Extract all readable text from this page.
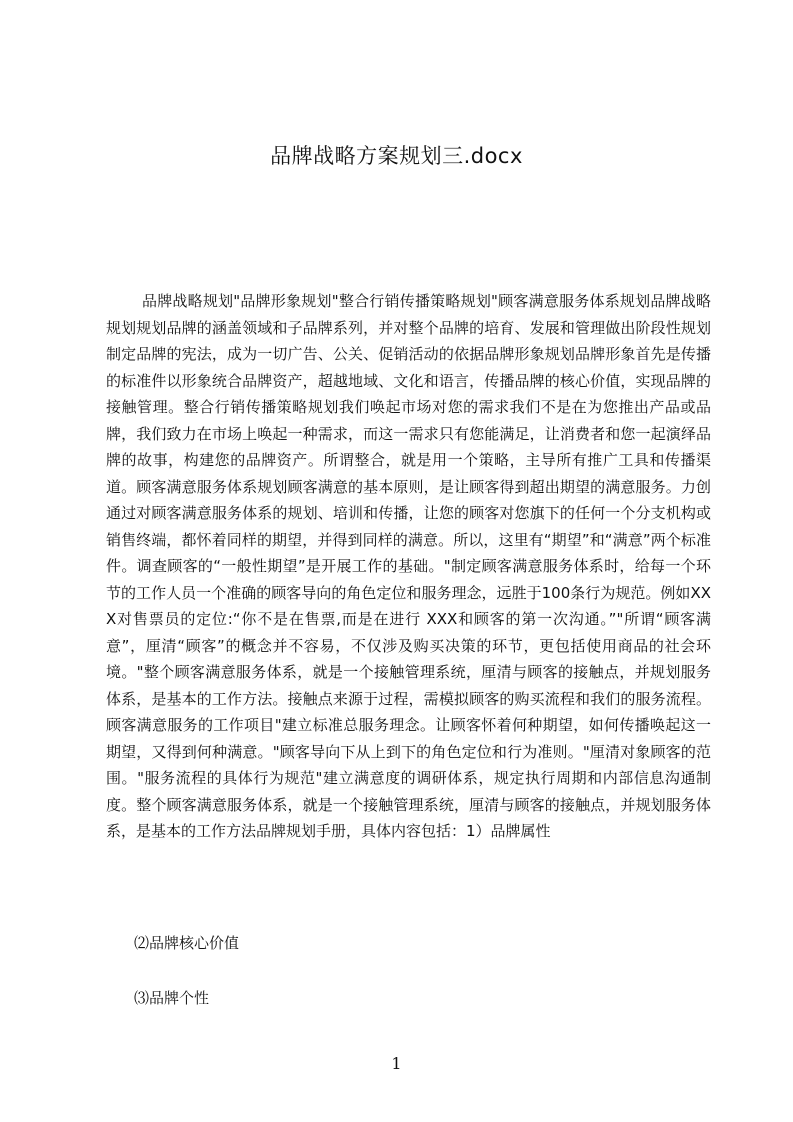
品牌战略方案规划三.docx

品牌战略规划"品牌形象规划"整合行销传播策略规划"顾客满意服务体系规划品牌战略规划规划品牌的涵盖领域和子品牌系列，并对整个品牌的培育、发展和管理做出阶段性规划制定品牌的宪法，成为一切广告、公关、促销活动的依据品牌形象规划品牌形象首先是传播的标准件以形象统合品牌资产，超越地域、文化和语言，传播品牌的核心价值，实现品牌的接触管理。整合行销传播策略规划我们唤起市场对您的需求我们不是在为您推出产品或品牌，我们致力在市场上唤起一种需求，而这一需求只有您能满足，让消费者和您一起演绎品牌的故事，构建您的品牌资产。所谓整合，就是用一个策略，主导所有推广工具和传播渠道。顾客满意服务体系规划顾客满意的基本原则，是让顾客得到超出期望的满意服务。力创通过对顾客满意服务体系的规划、培训和传播，让您的顾客对您旗下的任何一个分支机构或销售终端，都怀着同样的期望，并得到同样的满意。所以，这里有“期望”和“满意”两个标准件。调查顾客的“一般性期望”是开展工作的基础。"制定顾客满意服务体系时，给每一个环节的工作人员一个准确的顾客导向的角色定位和服务理念，远胜于100条行为规范。例如XXX对售票员的定位:“你不是在售票,而是在进行 XXX和顾客的第一次沟通。”"所谓“顾客满意”，厘清“顾客”的概念并不容易，不仅涉及购买决策的环节，更包括使用商品的社会环境。"整个顾客满意服务体系，就是一个接触管理系统，厘清与顾客的接触点，并规划服务体系，是基本的工作方法。接触点来源于过程，需模拟顾客的购买流程和我们的服务流程。顾客满意服务的工作项目"建立标准总服务理念。让顾客怀着何种期望，如何传播唤起这一期望，又得到何种满意。"顾客导向下从上到下的角色定位和行为准则。"厘清对象顾客的范围。"服务流程的具体行为规范"建立满意度的调研体系，规定执行周期和内部信息沟通制度。整个顾客满意服务体系，就是一个接触管理系统，厘清与顾客的接触点，并规划服务体系，是基本的工作方法品牌规划手册，具体内容包括：1）品牌属性

⑵品牌核心价值

⑶品牌个性

1
